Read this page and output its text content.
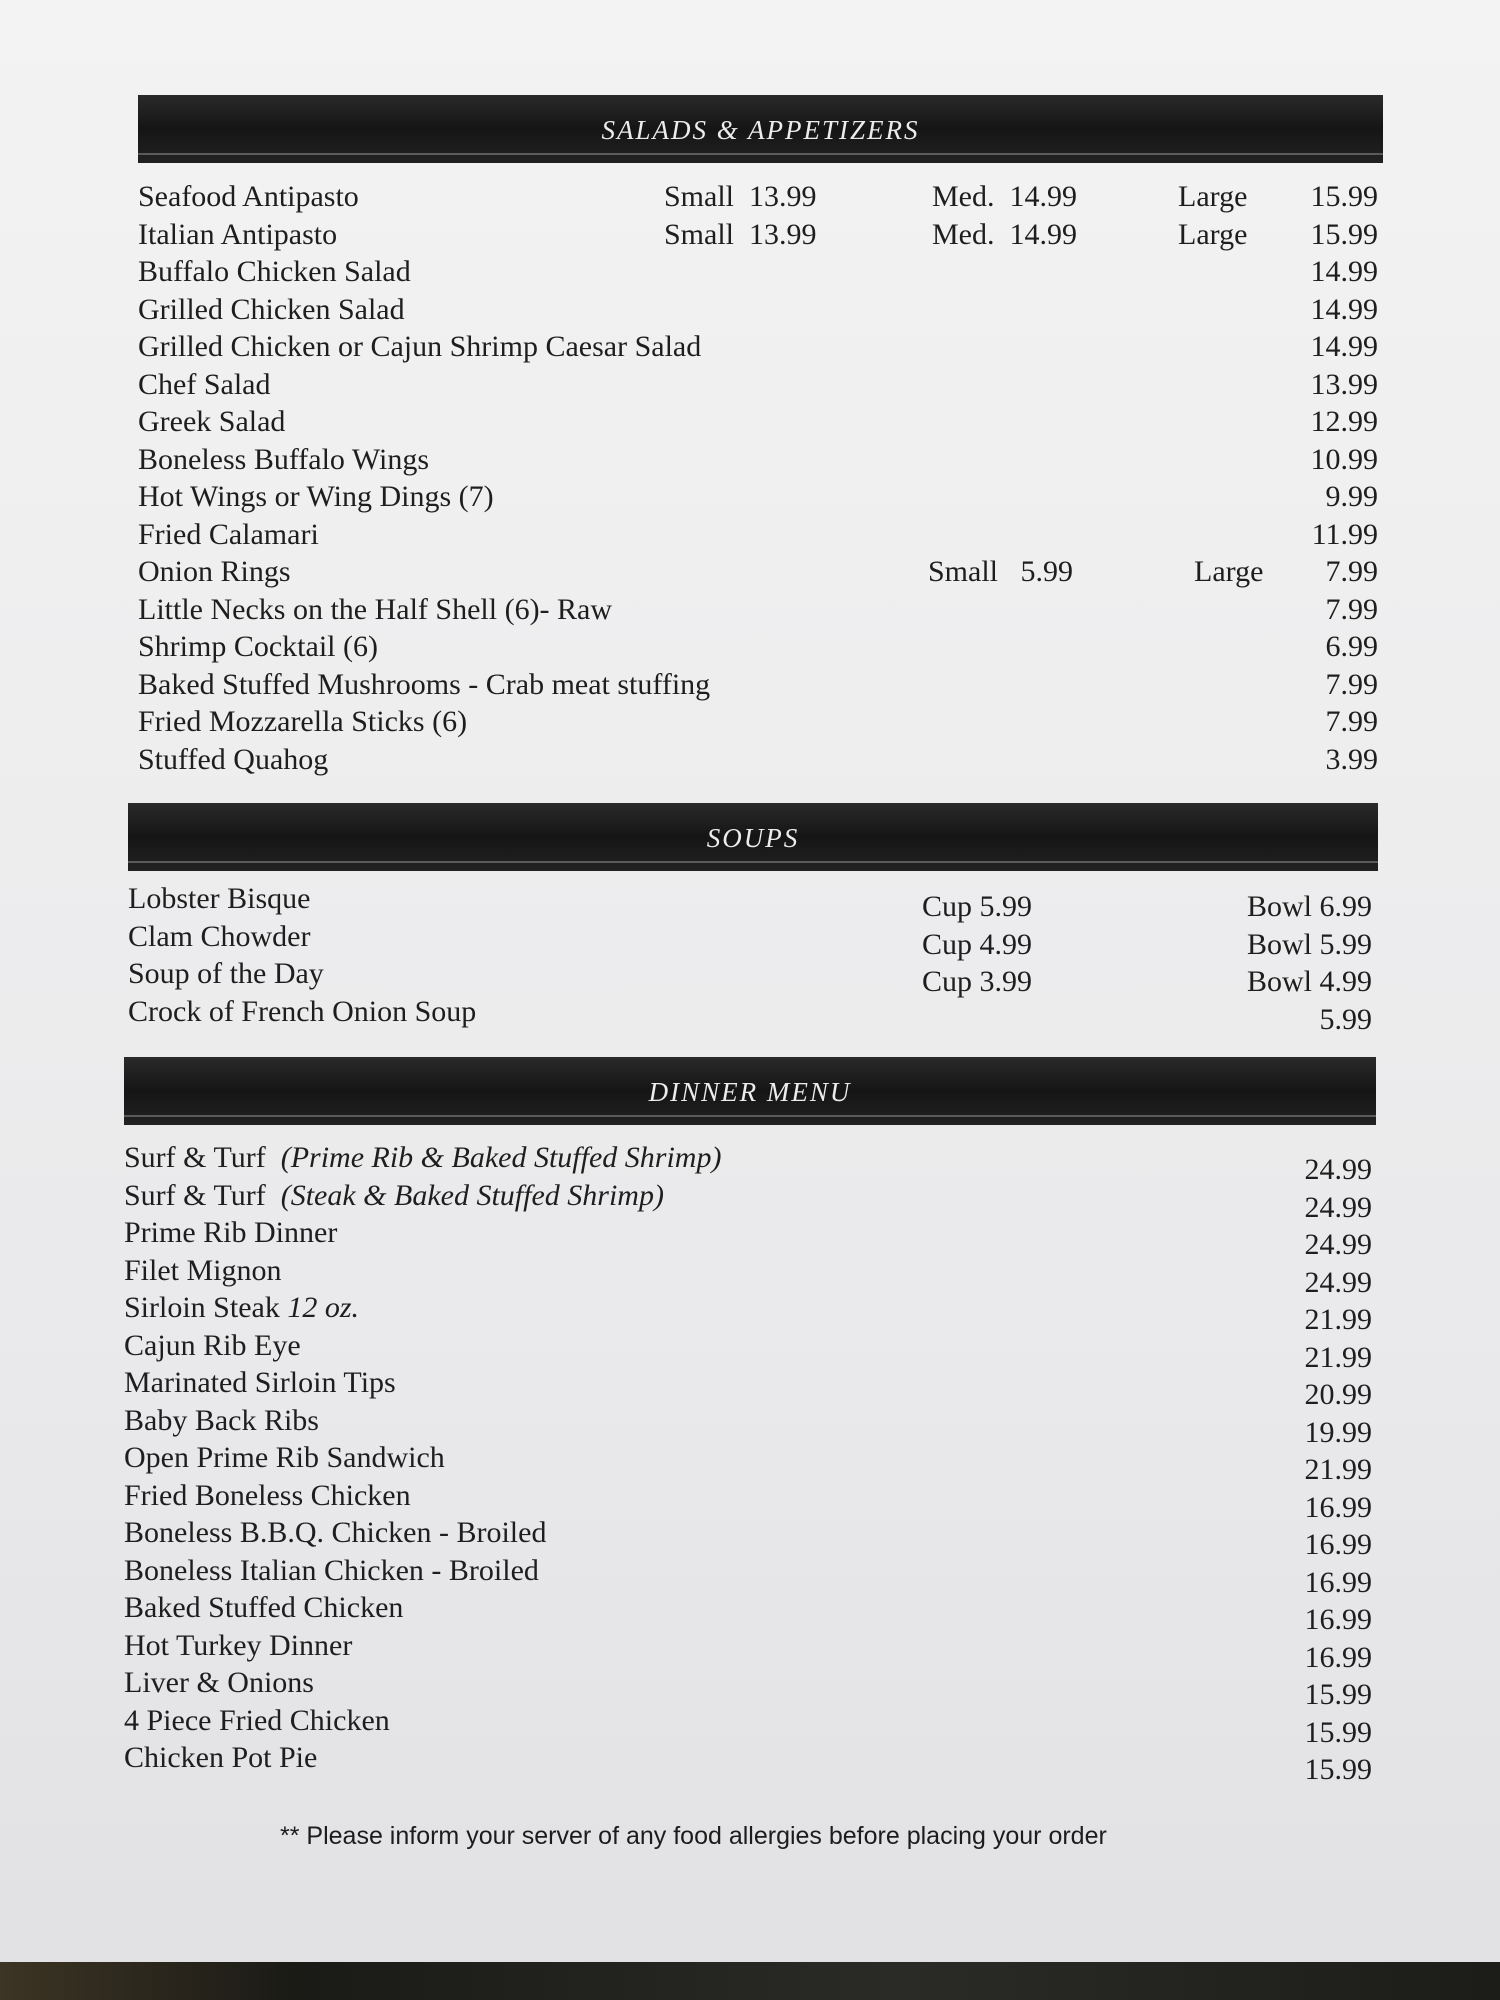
SALADS & APPETIZERS
Seafood Antipasto	Small 13.99	Med. 14.99	Large 15.99
Italian Antipasto	Small 13.99	Med. 14.99	Large 15.99
Buffalo Chicken Salad	14.99
Grilled Chicken Salad	14.99
Grilled Chicken or Cajun Shrimp Caesar Salad	14.99
Chef Salad	13.99
Greek Salad	12.99
Boneless Buffalo Wings	10.99
Hot Wings or Wing Dings (7)	9.99
Fried Calamari	11.99
Onion Rings	Small 5.99	Large 7.99
Little Necks on the Half Shell (6)- Raw	7.99
Shrimp Cocktail (6)	6.99
Baked Stuffed Mushrooms - Crab meat stuffing	7.99
Fried Mozzarella Sticks (6)	7.99
Stuffed Quahog	3.99
SOUPS
Lobster Bisque	Cup 5.99	Bowl 6.99
Clam Chowder	Cup 4.99	Bowl 5.99
Soup of the Day	Cup 3.99	Bowl 4.99
Crock of French Onion Soup	5.99
DINNER MENU
Surf & Turf (Prime Rib & Baked Stuffed Shrimp)	24.99
Surf & Turf (Steak & Baked Stuffed Shrimp)	24.99
Prime Rib Dinner	24.99
Filet Mignon	24.99
Sirloin Steak 12 oz.	21.99
Cajun Rib Eye	21.99
Marinated Sirloin Tips	20.99
Baby Back Ribs	19.99
Open Prime Rib Sandwich	21.99
Fried Boneless Chicken	16.99
Boneless B.B.Q. Chicken - Broiled	16.99
Boneless Italian Chicken - Broiled	16.99
Baked Stuffed Chicken	16.99
Hot Turkey Dinner	16.99
Liver & Onions	15.99
4 Piece Fried Chicken	15.99
Chicken Pot Pie	15.99
** Please inform your server of any food allergies before placing your order
